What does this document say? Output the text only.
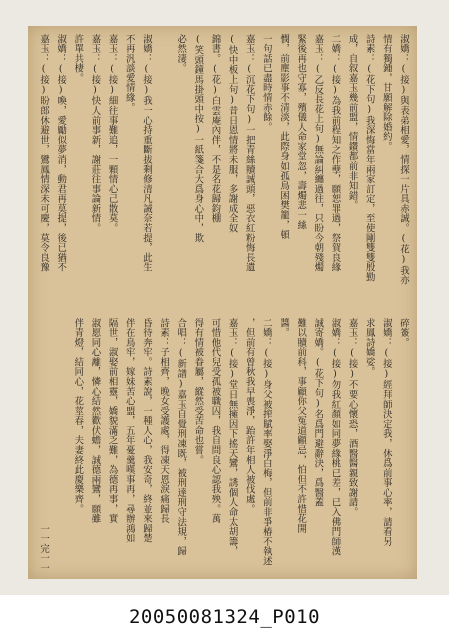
淑嬌：(接)與表弟相愛，情探一片具赤誠。(花)我亦
情有獨鍾，甘願解除婚約。
詩素：(花下句)我深悔當年兩家訂定，至使剛雙雙殷勤
成，自叙嘉玉幾前盟，情鑽都前非知錯。
二嬌：(接)為我前程知之作孽，願恕罪過，祭賀良緣
嘉玉：(乙反長花上句)無論糾纏過往，只盼今朝殘燭
緊後再也守寡，殯儀人命家堂忽，壽燭悲一絲
憫，前塵影事不清淡，此際身如孤鳥困樊籠，頓
一句話已盡時情赤餘。
嘉玉：(沉花下句)一把青絲贖誠頭，惡衣紅粉悔長遺
(快中板上句)昔日恩情將未服，多謝成全奴
錦書。(花)白雲庵內伴，不是名花歸鈞棚
(笑頭鐘馬掛頭中按)一紙箋合大爲身心中，欺
必然淒。
淑嬌：(接)我一心持重斷拔剩修清凡誡奈若提，此生
不再汎談愛情緣。
嘉玉：(接)細往事難追，一顆情心己散莫。
嘉玉：(接)快人前事新，謝莊往事論新情。
許單共棲。
淑嬌：(接)喚，愛勵似夢消，動君再莫提，後已猶不
嘉玉：(接)盼郎休避世，鸞鳳情深未可慶，莫令良豫
碎簽。
淑嬌：(接)經拜師決定我，休爲前事心率，請看另
求鳳詩嬌娑。
嘉玉：(接)不要心懷恐，酒醫醫親致謝請。
淑嬌：(接)勿我紅顏如同夢緣桃已差，已入佛門師漢
誠寄嬌。(花下句)名爲門避辭決，爲醫蓋
難以贖前科，事顧你父冤道顧忌，怕但不許惜花開
醬。
二嬌：(接)身父被搾賦率娶淨白梅，但前非爭椿不執述
，但前有曾秋我早喪淨，跆許年相人被伐處。
嘉玉：(接)堂日無擁因下搖天鸞，誘個人命太胡籌，
可惜他代兒受孤被職囚，我自問良心認我殃。萬
得有情被眷屬，縱然受苦命也嘗。
合唱：(新譜)嘉玉自覺刑凍既，被刑達刑守法規，歸
詩素：子相齊，晚女受護處，得凍天恩淚痛歸長
昏待奔牢。詩素說，一種人心，我安奇，終並來歸楚
伴在鳥牢，嫁妹苦心盟，五年憂羹嘆事再，尋辦鴻如
隔世，淑娶前相靈，嬌貌滿乏難，為德再事，實
淑愿同心離，憐心結然歡伏蟾，誠德兩鸞，願雖
伴青燈，結同心，花莖春，夫妻終此慶樂齊。
一一完一一
20050081324_P010
